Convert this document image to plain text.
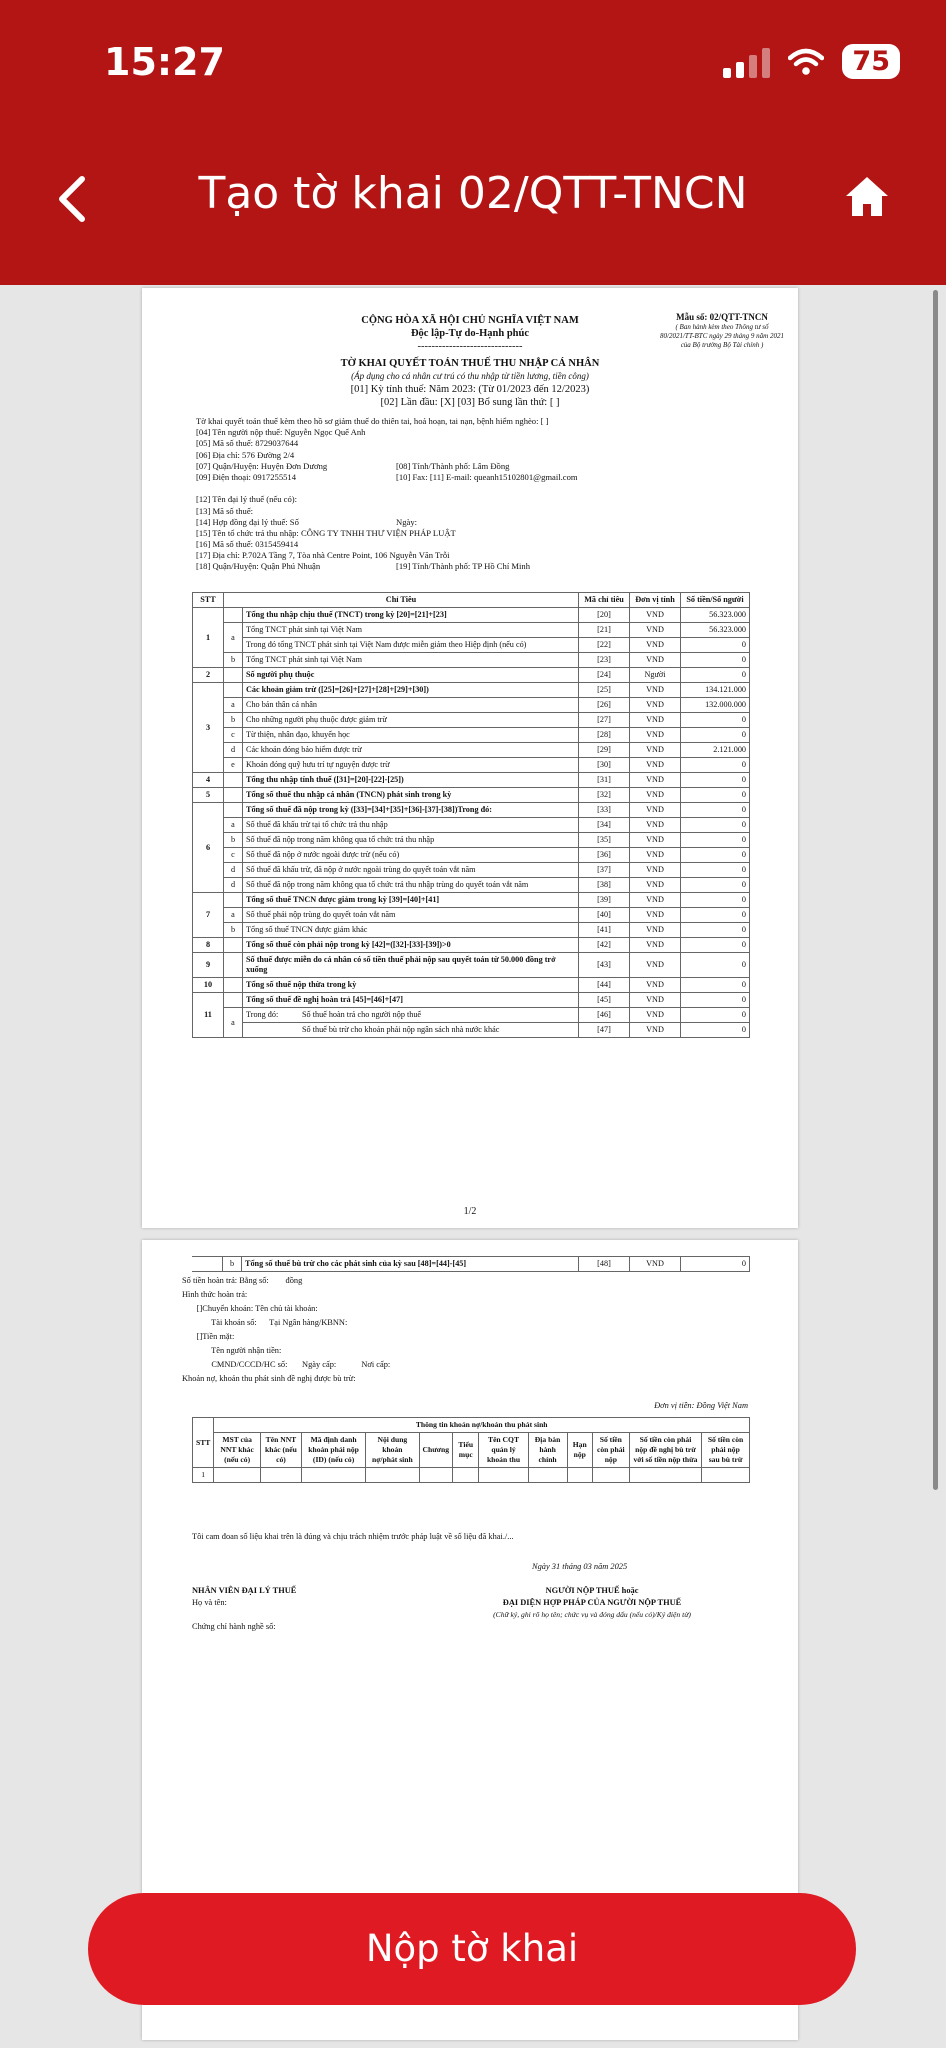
15:27	75
Tạo tờ khai 02/QTT-TNCN
CỘNG HÒA XÃ HỘI CHỦ NGHĨA VIỆT NAM
Độc lập-Tự do-Hạnh phúc
------------------------------
TỜ KHAI QUYẾT TOÁN THUẾ THU NHẬP CÁ NHÂN
(Áp dụng cho cá nhân cư trú có thu nhập từ tiền lương, tiền công)
[01] Kỳ tính thuế: Năm 2023: (Từ 01/2023 đến 12/2023)
[02] Lần đầu: [X] [03] Bổ sung lần thứ: [ ]
Mẫu số: 02/QTT-TNCN
( Ban hành kèm theo Thông tư số 80/2021/TT-BTC ngày 29 tháng 9 năm 2021 của Bộ trưởng Bộ Tài chính )
Tờ khai quyết toán thuế kèm theo hồ sơ giảm thuế do thiên tai, hoả hoạn, tai nạn, bệnh hiểm nghèo: [ ]
[04] Tên người nộp thuế: Nguyễn Ngọc Quế Anh
[05] Mã số thuế: 8729037644
[06] Địa chỉ: 576 Đường 2/4
[07] Quận/Huyện: Huyện Đơn Dương	[08] Tỉnh/Thành phố: Lâm Đồng
[09] Điện thoại: 0917255514	[10] Fax: [11] E-mail: queanh15102801@gmail.com
[12] Tên đại lý thuế (nếu có):
[13] Mã số thuế:
[14] Hợp đồng đại lý thuế: Số	Ngày:
[15] Tên tổ chức trả thu nhập: CÔNG TY TNHH THƯ VIỆN PHÁP LUẬT
[16] Mã số thuế: 0315459414
[17] Địa chỉ: P.702A Tầng 7, Tòa nhà Centre Point, 106 Nguyễn Văn Trỗi
[18] Quận/Huyện: Quận Phú Nhuận	[19] Tỉnh/Thành phố: TP Hồ Chí Minh
STT	Chỉ Tiêu		Mã chỉ tiêu	Đơn vị tính	Số tiền/Số người
1		Tổng thu nhập chịu thuế (TNCT) trong kỳ [20]=[21]+[23]	[20]	VND	56.323.000
	a	Tổng TNCT phát sinh tại Việt Nam	[21]	VND	56.323.000
		Trong đó tổng TNCT phát sinh tại Việt Nam được miễn giảm theo Hiệp định (nếu có)	[22]	VND	0
	b	Tổng TNCT phát sinh tại Việt Nam	[23]	VND	0
2		Số người phụ thuộc	[24]	Người	0
3		Các khoản giảm trừ ([25]=[26]+[27]+[28]+[29]+[30])	[25]	VND	134.121.000
	a	Cho bản thân cá nhân	[26]	VND	132.000.000
	b	Cho những người phụ thuộc được giảm trừ	[27]	VND	0
	c	Từ thiện, nhân đạo, khuyến học	[28]	VND	0
	d	Các khoản đóng bảo hiểm được trừ	[29]	VND	2.121.000
	e	Khoản đóng quỹ hưu trí tự nguyện được trừ	[30]	VND	0
4		Tổng thu nhập tính thuế ([31]=[20]-[22]-[25])	[31]	VND	0
5		Tổng số thuế thu nhập cá nhân (TNCN) phát sinh trong kỳ	[32]	VND	0
6		Tổng số thuế đã nộp trong kỳ ([33]=[34]+[35]+[36]-[37]-[38])Trong đó:	[33]	VND	0
	a	Số thuế đã khấu trừ tại tổ chức trả thu nhập	[34]	VND	0
	b	Số thuế đã nộp trong năm không qua tổ chức trả thu nhập	[35]	VND	0
	c	Số thuế đã nộp ở nước ngoài được trừ (nếu có)	[36]	VND	0
	d	Số thuế đã khấu trừ, đã nộp ở nước ngoài trùng do quyết toán vắt năm	[37]	VND	0
	d	Số thuế đã nộp trong năm không qua tổ chức trả thu nhập trùng do quyết toán vắt năm	[38]	VND	0
7		Tổng số thuế TNCN được giảm trong kỳ [39]=[40]+[41]	[39]	VND	0
	a	Số thuế phải nộp trùng do quyết toán vắt năm	[40]	VND	0
	b	Tổng số thuế TNCN được giảm khác	[41]	VND	0
8		Tổng số thuế còn phải nộp trong kỳ [42]=([32]-[33]-[39])>0	[42]	VND	0
9		Số thuế được miễn do cá nhân có số tiền thuế phải nộp sau quyết toán từ 50.000 đồng trở xuống	[43]	VND	0
10		Tổng số thuế nộp thừa trong kỳ	[44]	VND	0
11		Tổng số thuế đề nghị hoàn trả [45]=[46]+[47]	[45]	VND	0
	a	Trong đó: Số thuế hoàn trả cho người nộp thuế	[46]	VND	0
		Số thuế bù trừ cho khoản phải nộp ngân sách nhà nước khác	[47]	VND	0
1/2
	b	Tổng số thuế bù trừ cho các phát sinh của kỳ sau [48]=[44]-[45]	[48]	VND	0
Số tiền hoàn trả: Bằng số:        đồng
Hình thức hoàn trả:
[]Chuyển khoản: Tên chủ tài khoản:
Tài khoản số:      Tại Ngân hàng/KBNN:
[]Tiền mặt:
Tên người nhận tiền:
CMND/CCCD/HC số:       Ngày cấp:            Nơi cấp:
Khoản nợ, khoản thu phát sinh đề nghị được bù trừ:
Đơn vị tiền: Đồng Việt Nam
STT	Thông tin khoản nợ/khoản thu phát sinh											
	MST của NNT khác (nếu có)	Tên NNT khác (nếu có)	Mã định danh khoản phải nộp (ID) (nếu có)	Nội dung khoản nợ/phát sinh	Chương	Tiểu mục	Tên CQT quản lý khoản thu	Địa bàn hành chính	Hạn nộp	Số tiền còn phải nộp	Số tiền còn phải nộp đề nghị bù trừ với số tiền nộp thừa	Số tiền còn phải nộp sau bù trừ
1												
Tôi cam đoan số liệu khai trên là đúng và chịu trách nhiệm trước pháp luật về số liệu đã khai./...
Ngày 31 tháng 03 năm 2025
NHÂN VIÊN ĐẠI LÝ THUẾ
Họ và tên:
Chứng chỉ hành nghề số:
NGƯỜI NỘP THUẾ hoặc
ĐẠI DIỆN HỢP PHÁP CỦA NGƯỜI NỘP THUẾ
(Chữ ký, ghi rõ họ tên; chức vụ và đóng dấu (nếu có)/Ký điện tử)
Nộp tờ khai
